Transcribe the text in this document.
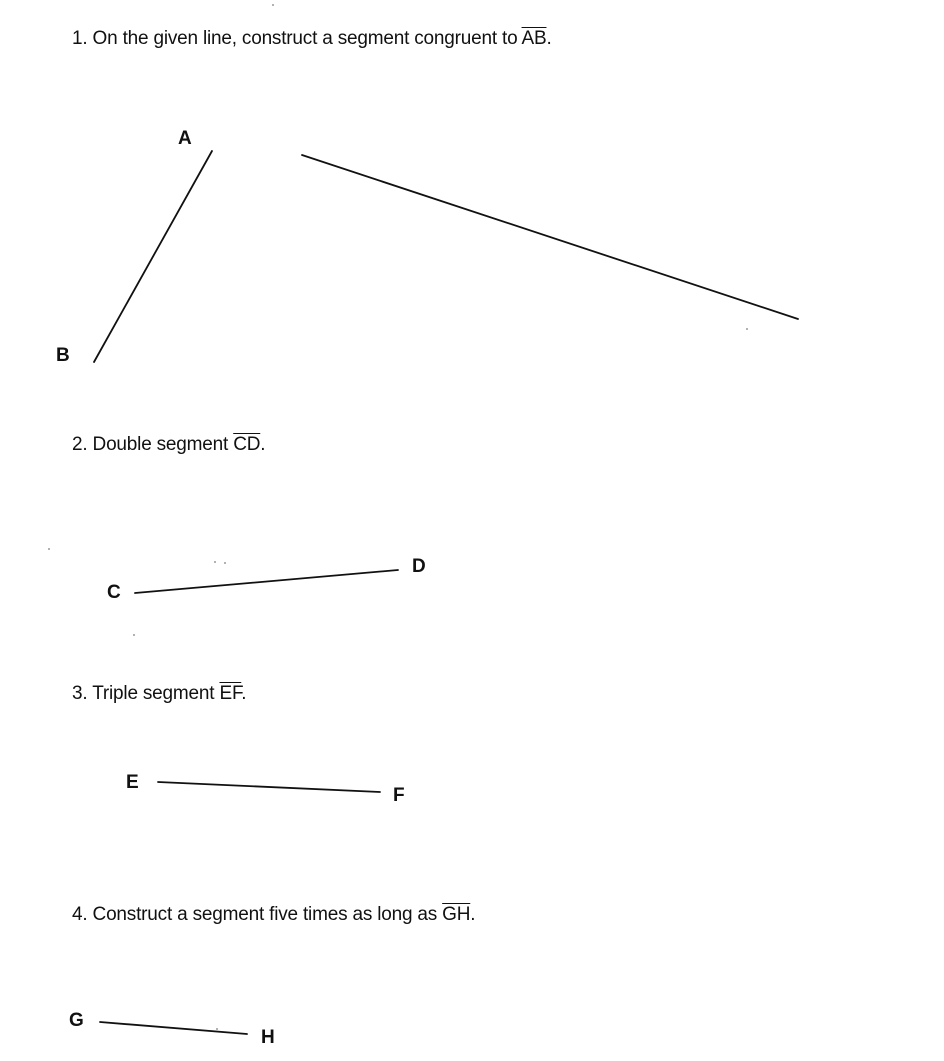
1. On the given line, construct a segment congruent to $\overline{AB}$.
2. Double segment $\overline{CD}$.
3. Triple segment $\overline{EF}$.
4. Construct a segment five times as long as $\overline{GH}$.
A
B
C
D
E
F
G
H
